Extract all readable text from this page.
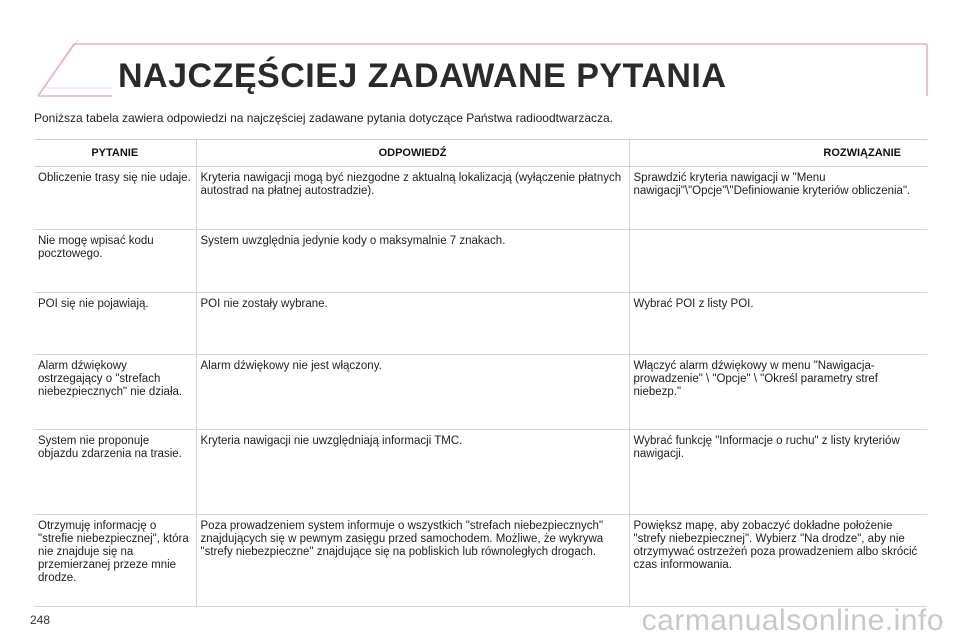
NAJCZĘŚCIEJ ZADAWANE PYTANIA
Poniższa tabela zawiera odpowiedzi na najczęściej zadawane pytania dotyczące Państwa radioodtwarzacza.
PYTANIE	ODPOWIEDŹ	ROZWIĄZANIE
Obliczenie trasy się nie udaje.	Kryteria nawigacji mogą być niezgodne z aktualną lokalizacją (wyłączenie płatnych autostrad na płatnej autostradzie).	Sprawdzić kryteria nawigacji w "Menu nawigacji"\"Opcje"\"Definiowanie kryteriów obliczenia".
Nie mogę wpisać kodu pocztowego.	System uwzględnia jedynie kody o maksymalnie 7 znakach.	
POI się nie pojawiają.	POI nie zostały wybrane.	Wybrać POI z listy POI.
Alarm dźwiękowy ostrzegający o "strefach niebezpiecznych" nie działa.	Alarm dźwiękowy nie jest włączony.	Włączyć alarm dźwiękowy w menu "Nawigacja-prowadzenie" \ "Opcje" \ "Określ parametry stref niebezp."
System nie proponuje objazdu zdarzenia na trasie.	Kryteria nawigacji nie uwzględniają informacji TMC.	Wybrać funkcję "Informacje o ruchu" z listy kryteriów nawigacji.
Otrzymuję informację o "strefie niebezpiecznej", która nie znajduje się na przemierzanej przeze mnie drodze.	Poza prowadzeniem system informuje o wszystkich "strefach niebezpiecznych" znajdujących się w pewnym zasięgu przed samochodem. Możliwe, że wykrywa "strefy niebezpieczne" znajdujące się na pobliskich lub równoległych drogach.	Powiększ mapę, aby zobaczyć dokładne położenie "strefy niebezpiecznej". Wybierz "Na drodze", aby nie otrzymywać ostrzeżeń poza prowadzeniem albo skrócić czas informowania.
248	carmanualsonline.info
